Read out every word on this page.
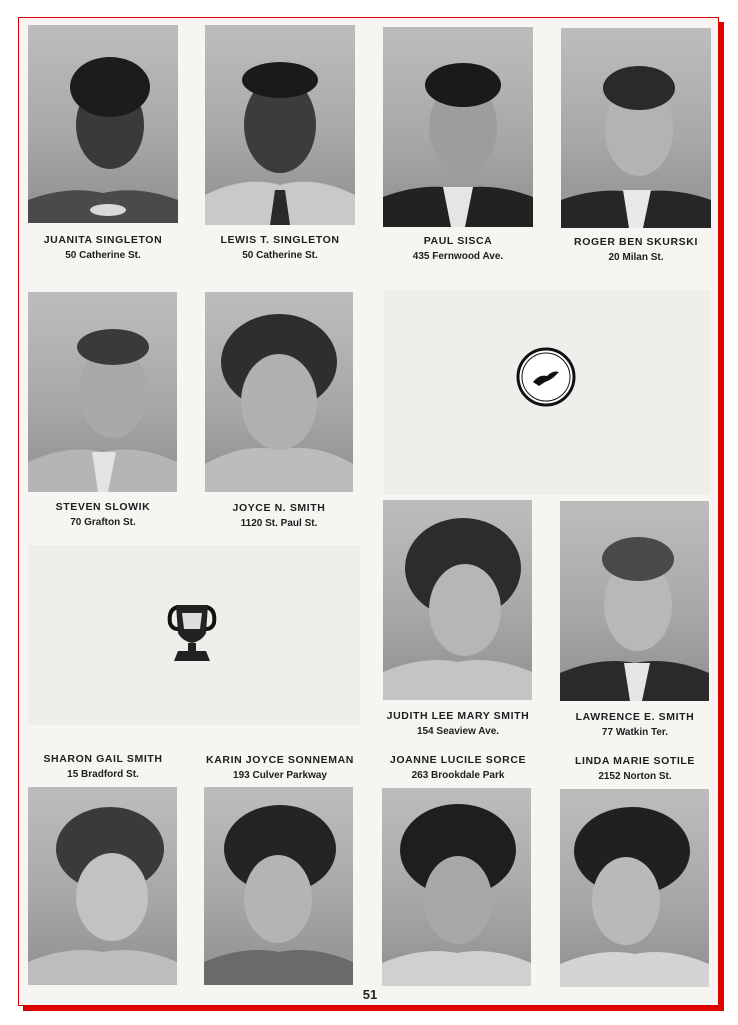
JUANITA SINGLETON
50 Catherine St.
LEWIS T. SINGLETON
50 Catherine St.
PAUL SISCA
435 Fernwood Ave.
ROGER BEN SKURSKI
20 Milan St.
STEVEN SLOWIK
70 Grafton St.
JOYCE N. SMITH
1120 St. Paul St.
JUDITH LEE MARY SMITH
154 Seaview Ave.
LAWRENCE E. SMITH
77 Watkin Ter.
SHARON GAIL SMITH
15 Bradford St.
KARIN JOYCE SONNEMAN
193 Culver Parkway
JOANNE LUCILE SORCE
263 Brookdale Park
LINDA MARIE SOTILE
2152 Norton St.
51
